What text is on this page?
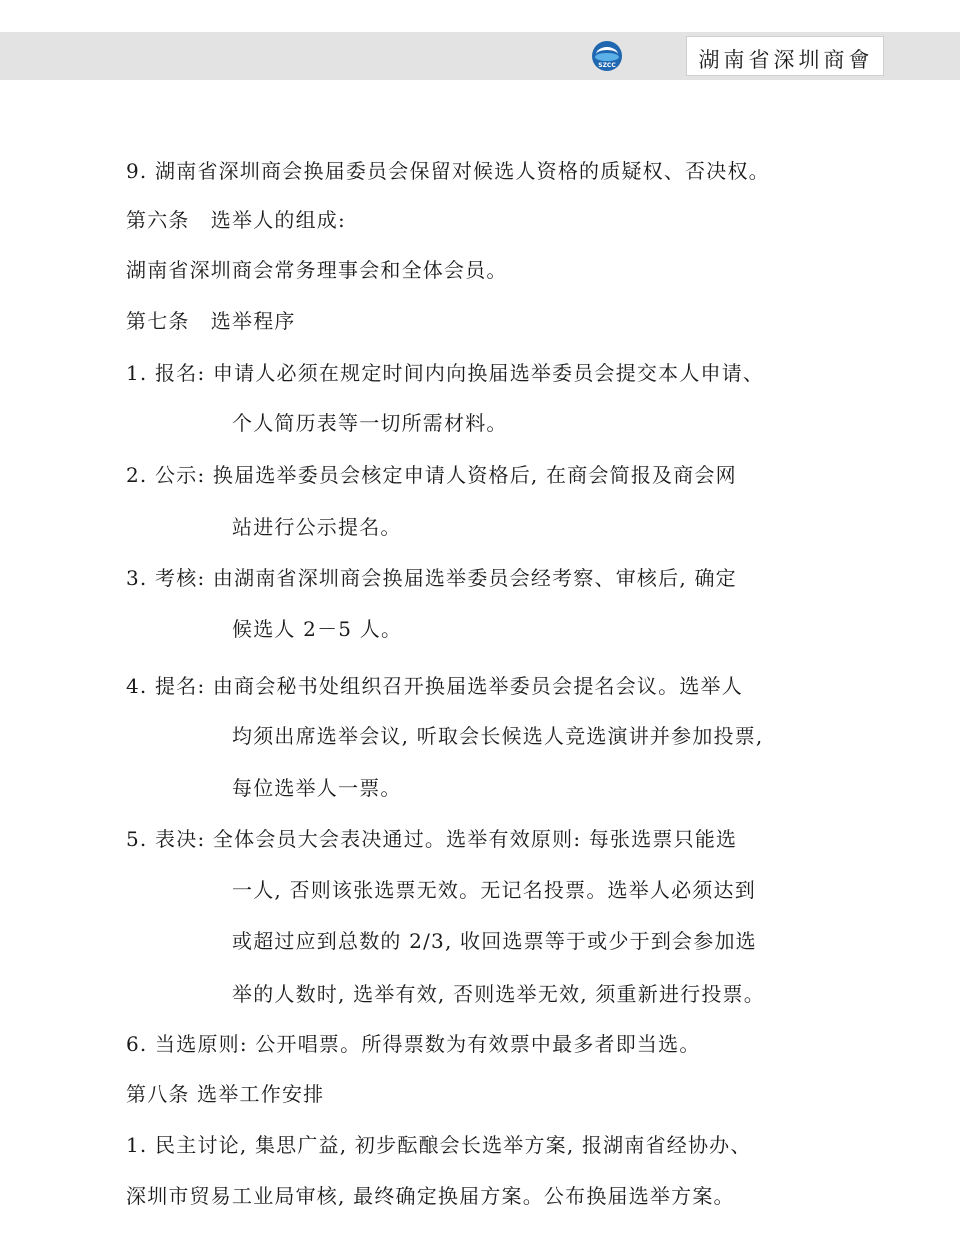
SZCC	湖南省深圳商會
9. 湖南省深圳商会换届委员会保留对候选人资格的质疑权、否决权。
第六条　选举人的组成:
湖南省深圳商会常务理事会和全体会员。
第七条　选举程序
1. 报名: 申请人必须在规定时间内向换届选举委员会提交本人申请、
个人简历表等一切所需材料。
2. 公示: 换届选举委员会核定申请人资格后, 在商会简报及商会网
站进行公示提名。
3. 考核: 由湖南省深圳商会换届选举委员会经考察、审核后, 确定
候选人 2－5 人。
4. 提名: 由商会秘书处组织召开换届选举委员会提名会议。选举人
均须出席选举会议, 听取会长候选人竞选演讲并参加投票,
每位选举人一票。
5. 表决: 全体会员大会表决通过。选举有效原则: 每张选票只能选
一人, 否则该张选票无效。无记名投票。选举人必须达到
或超过应到总数的 2/3, 收回选票等于或少于到会参加选
举的人数时, 选举有效, 否则选举无效, 须重新进行投票。
6. 当选原则: 公开唱票。所得票数为有效票中最多者即当选。
第八条 选举工作安排
1. 民主讨论, 集思广益, 初步酝酿会长选举方案, 报湖南省经协办、
深圳市贸易工业局审核, 最终确定换届方案。公布换届选举方案。
